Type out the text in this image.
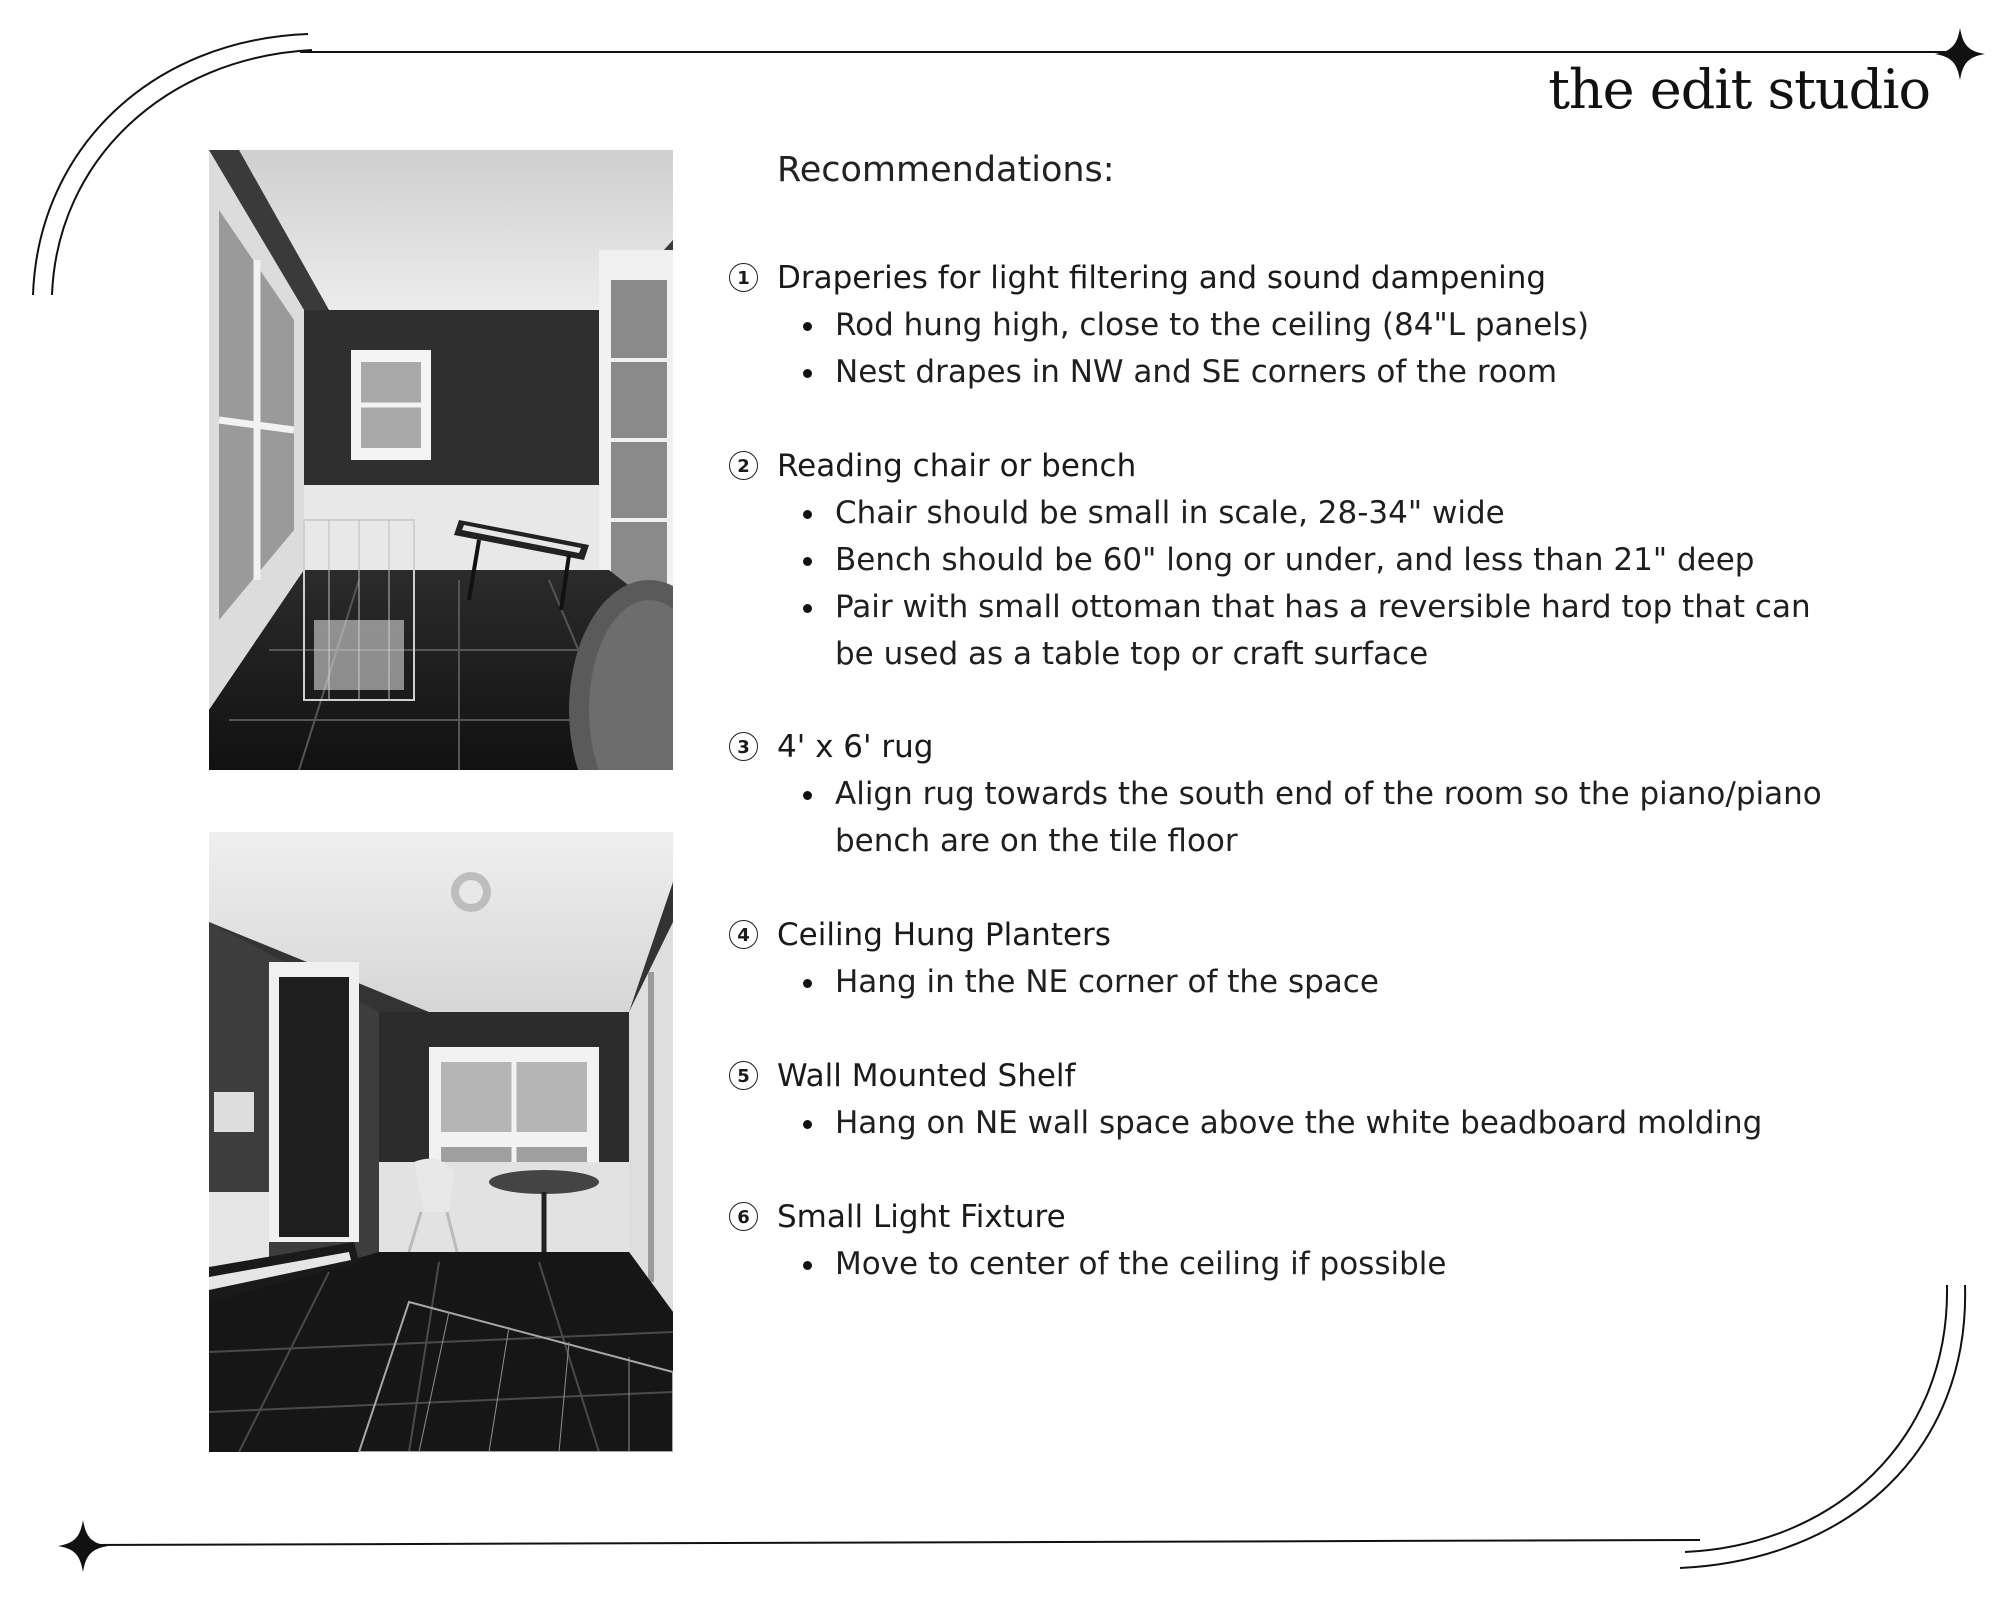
the edit studio
Recommendations:
1 Draperies for light filtering and sound dampening
Rod hung high, close to the ceiling (84"L panels)
Nest drapes in NW and SE corners of the room
2 Reading chair or bench
Chair should be small in scale, 28-34" wide
Bench should be 60" long or under, and less than 21" deep
Pair with small ottoman that has a reversible hard top that can
be used as a table top or craft surface
3 4' x 6' rug
Align rug towards the south end of the room so the piano/piano
bench are on the tile floor
4 Ceiling Hung Planters
Hang in the NE corner of the space
5 Wall Mounted Shelf
Hang on NE wall space above the white beadboard molding
6 Small Light Fixture
Move to center of the ceiling if possible
